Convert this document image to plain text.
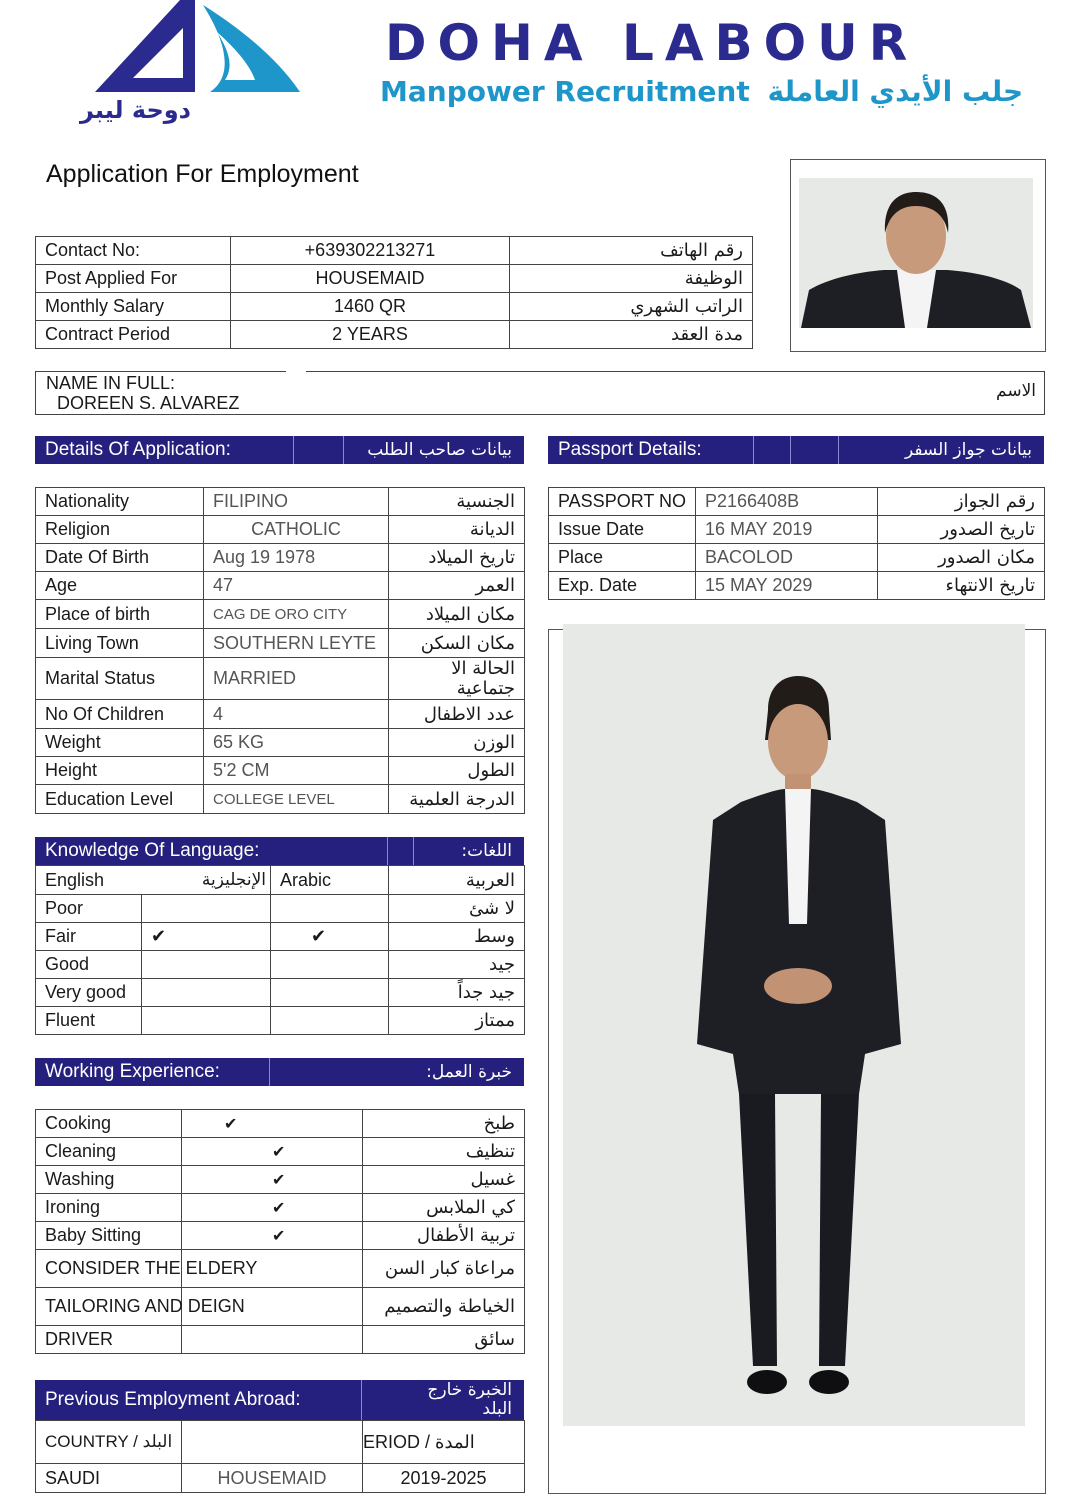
دوحة ليبر
DOHA LABOUR
Manpower Recruitment جلب الأيدي العاملة
Application For Employment
Contact No:	+639302213271	رقم الهاتف
Post Applied For	HOUSEMAID	الوظيفة
Monthly Salary	1460 QR	الراتب الشهري
Contract Period	2 YEARS	مدة العقد
NAME IN FULL:
DOREEN S. ALVAREZ
الاسم
Details Of Application:	بيانات صاحب الطلب
Nationality	FILIPINO	الجنسية
Religion	CATHOLIC	الديانة
Date Of Birth	Aug 19 1978	تاريخ الميلاد
Age	47	العمر
Place of birth	CAG DE ORO CITY	مكان الميلاد
Living Town	SOUTHERN LEYTE	مكان السكن
Marital Status	MARRIED	الحالة الا جتماعية
No Of Children	4	عدد الاطفال
Weight	65 KG	الوزن
Height	5'2 CM	الطول
Education Level	COLLEGE LEVEL	الدرجة العلمية
Passport Details:	بيانات جواز السفر
PASSPORT NO	P2166408B	رقم الجواز
Issue Date	16 MAY 2019	تاريخ الصدور
Place	BACOLOD	مكان الصدور
Exp. Date	15 MAY 2029	تاريخ الانتهاء
Knowledge Of Language:	اللغات:
English الإنجليزية		Arabic	العربية
Poor			لا شئ
Fair	✔	✔	وسط
Good			جيد
Very good			جيد جداً
Fluent			ممتاز
Working Experience:	خبرة العمل:
Cooking	✔	طبخ
Cleaning	✔	تنظيف
Washing	✔	غسيل
Ironing	✔	كي الملابس
Baby Sitting	✔	تربية الأطفال
CONSIDER THE ELDERY		مراعاة كبار السن
TAILORING AND DEIGN		الخياطة والتصميم
DRIVER		سائق
Previous Employment Abroad:	الخبرة خارج البلد
COUNTRY / البلد		ERIOD / المدة
SAUDI	HOUSEMAID	2019-2025
